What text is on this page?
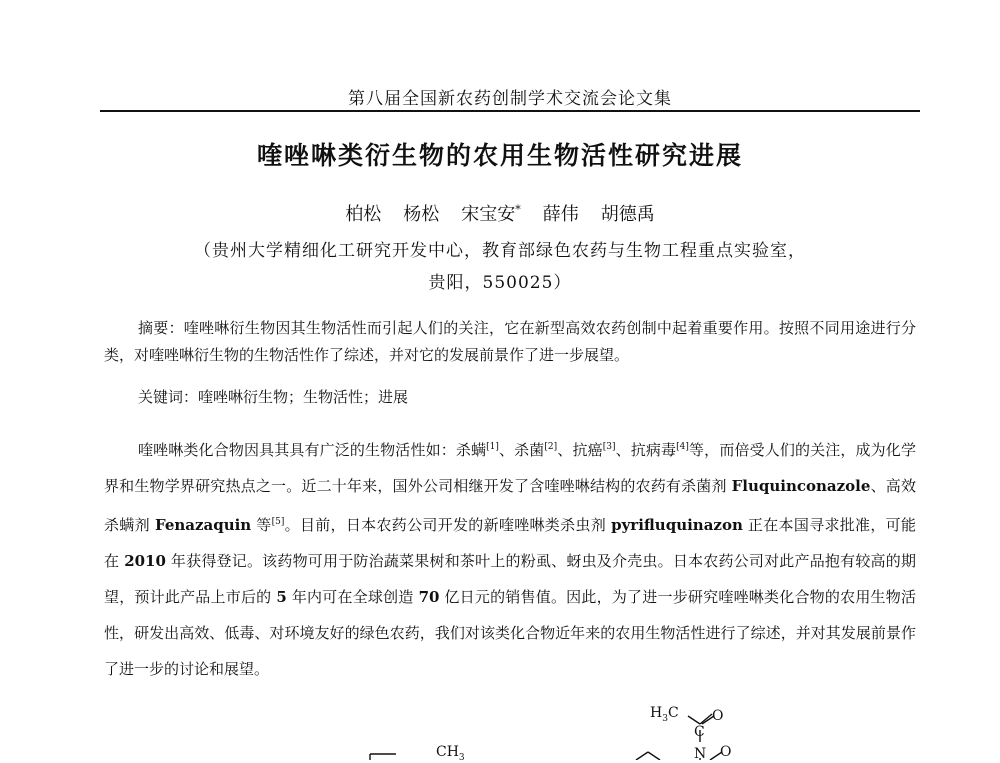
第八届全国新农药创制学术交流会论文集
喹唑啉类衍生物的农用生物活性研究进展
柏松 杨松 宋宝安* 薛伟 胡德禹
（贵州大学精细化工研究开发中心，教育部绿色农药与生物工程重点实验室，
贵阳，550025）
摘要：喹唑啉衍生物因其生物活性而引起人们的关注，它在新型高效农药创制中起着重要作用。按照不同用途进行分类，对喹唑啉衍生物的生物活性作了综述，并对它的发展前景作了进一步展望。
关键词：喹唑啉衍生物；生物活性；进展
喹唑啉类化合物因具其具有广泛的生物活性如：杀螨[1]、杀菌[2]、抗癌[3]、抗病毒[4]等，而倍受人们的关注，成为化学界和生物学界研究热点之一。近二十年来，国外公司相继开发了含喹唑啉结构的农药有杀菌剂 Fluquinconazole、高效杀螨剂 Fenazaquin 等[5]。目前，日本农药公司开发的新喹唑啉类杀虫剂 pyrifluquinazon 正在本国寻求批准，可能在 2010 年获得登记。该药物可用于防治蔬菜果树和茶叶上的粉虱、蚜虫及介壳虫。日本农药公司对此产品抱有较高的期望，预计此产品上市后的 5 年内可在全球创造 70 亿日元的销售值。因此，为了进一步研究喹唑啉类化合物的农用生物活性，研发出高效、低毒、对环境友好的绿色农药，我们对该类化合物近年来的农用生物活性进行了综述，并对其发展前景作了进一步的讨论和展望。
$H_3C$ O
C
N O
$CH_3$
